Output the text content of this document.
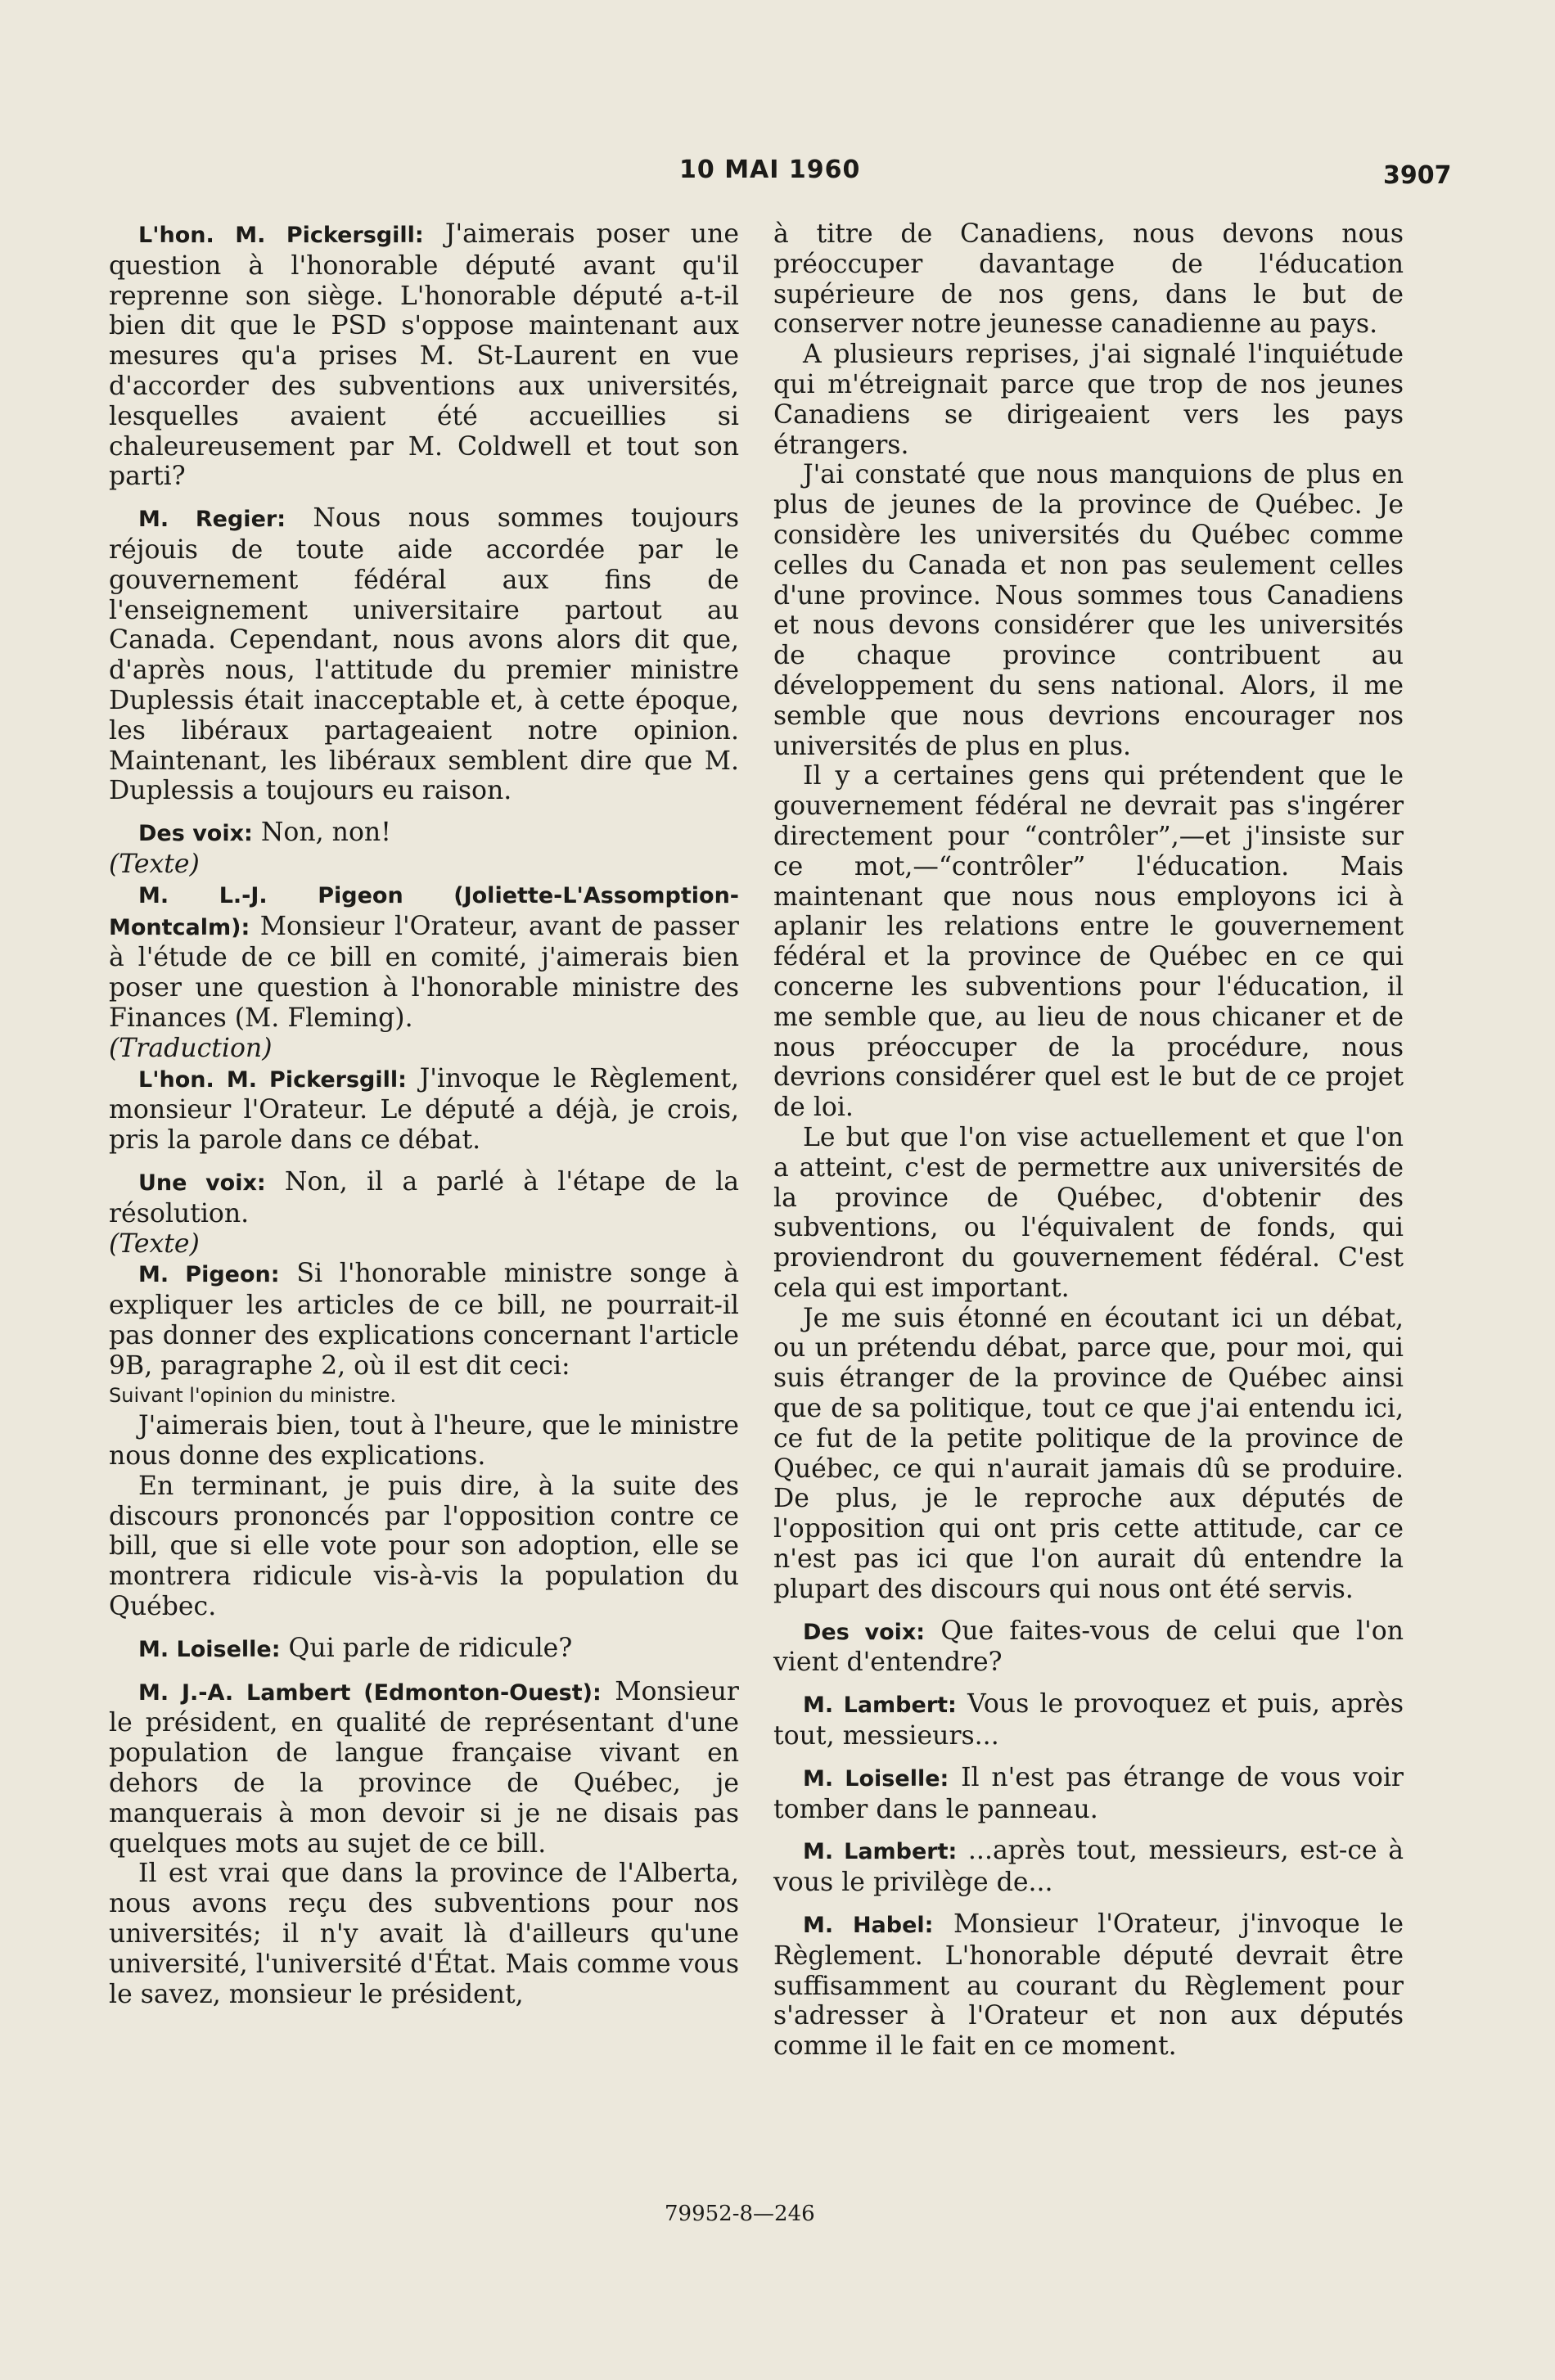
10 MAI 1960	3907

L'hon. M. Pickersgill: J'aimerais poser une question à l'honorable député avant qu'il reprenne son siège. L'honorable député a-t-il bien dit que le PSD s'oppose maintenant aux mesures qu'a prises M. St-Laurent en vue d'accorder des subventions aux universités, lesquelles avaient été accueillies si chaleureusement par M. Coldwell et tout son parti?

M. Regier: Nous nous sommes toujours réjouis de toute aide accordée par le gouvernement fédéral aux fins de l'enseignement universitaire partout au Canada. Cependant, nous avons alors dit que, d'après nous, l'attitude du premier ministre Duplessis était inacceptable et, à cette époque, les libéraux partageaient notre opinion. Maintenant, les libéraux semblent dire que M. Duplessis a toujours eu raison.

Des voix: Non, non!

(Texte)

M. L.-J. Pigeon (Joliette-L'Assomption-Montcalm): Monsieur l'Orateur, avant de passer à l'étude de ce bill en comité, j'aimerais bien poser une question à l'honorable ministre des Finances (M. Fleming).

(Traduction)

L'hon. M. Pickersgill: J'invoque le Règlement, monsieur l'Orateur. Le député a déjà, je crois, pris la parole dans ce débat.

Une voix: Non, il a parlé à l'étape de la résolution.

(Texte)

M. Pigeon: Si l'honorable ministre songe à expliquer les articles de ce bill, ne pourrait-il pas donner des explications concernant l'article 9B, paragraphe 2, où il est dit ceci:

Suivant l'opinion du ministre.

J'aimerais bien, tout à l'heure, que le ministre nous donne des explications.

En terminant, je puis dire, à la suite des discours prononcés par l'opposition contre ce bill, que si elle vote pour son adoption, elle se montrera ridicule vis-à-vis la population du Québec.

M. Loiselle: Qui parle de ridicule?

M. J.-A. Lambert (Edmonton-Ouest): Monsieur le président, en qualité de représentant d'une population de langue française vivant en dehors de la province de Québec, je manquerais à mon devoir si je ne disais pas quelques mots au sujet de ce bill.

Il est vrai que dans la province de l'Alberta, nous avons reçu des subventions pour nos universités; il n'y avait là d'ailleurs qu'une université, l'université d'État. Mais comme vous le savez, monsieur le président,

à titre de Canadiens, nous devons nous préoccuper davantage de l'éducation supérieure de nos gens, dans le but de conserver notre jeunesse canadienne au pays.

A plusieurs reprises, j'ai signalé l'inquiétude qui m'étreignait parce que trop de nos jeunes Canadiens se dirigeaient vers les pays étrangers.

J'ai constaté que nous manquions de plus en plus de jeunes de la province de Québec. Je considère les universités du Québec comme celles du Canada et non pas seulement celles d'une province. Nous sommes tous Canadiens et nous devons considérer que les universités de chaque province contribuent au développement du sens national. Alors, il me semble que nous devrions encourager nos universités de plus en plus.

Il y a certaines gens qui prétendent que le gouvernement fédéral ne devrait pas s'ingérer directement pour “contrôler”,—et j'insiste sur ce mot,—“contrôler” l'éducation. Mais maintenant que nous nous employons ici à aplanir les relations entre le gouvernement fédéral et la province de Québec en ce qui concerne les subventions pour l'éducation, il me semble que, au lieu de nous chicaner et de nous préoccuper de la procédure, nous devrions considérer quel est le but de ce projet de loi.

Le but que l'on vise actuellement et que l'on a atteint, c'est de permettre aux universités de la province de Québec, d'obtenir des subventions, ou l'équivalent de fonds, qui proviendront du gouvernement fédéral. C'est cela qui est important.

Je me suis étonné en écoutant ici un débat, ou un prétendu débat, parce que, pour moi, qui suis étranger de la province de Québec ainsi que de sa politique, tout ce que j'ai entendu ici, ce fut de la petite politique de la province de Québec, ce qui n'aurait jamais dû se produire. De plus, je le reproche aux députés de l'opposition qui ont pris cette attitude, car ce n'est pas ici que l'on aurait dû entendre la plupart des discours qui nous ont été servis.

Des voix: Que faites-vous de celui que l'on vient d'entendre?

M. Lambert: Vous le provoquez et puis, après tout, messieurs...

M. Loiselle: Il n'est pas étrange de vous voir tomber dans le panneau.

M. Lambert: ...après tout, messieurs, est-ce à vous le privilège de...

M. Habel: Monsieur l'Orateur, j'invoque le Règlement. L'honorable député devrait être suffisamment au courant du Règlement pour s'adresser à l'Orateur et non aux députés comme il le fait en ce moment.

79952-8—246
